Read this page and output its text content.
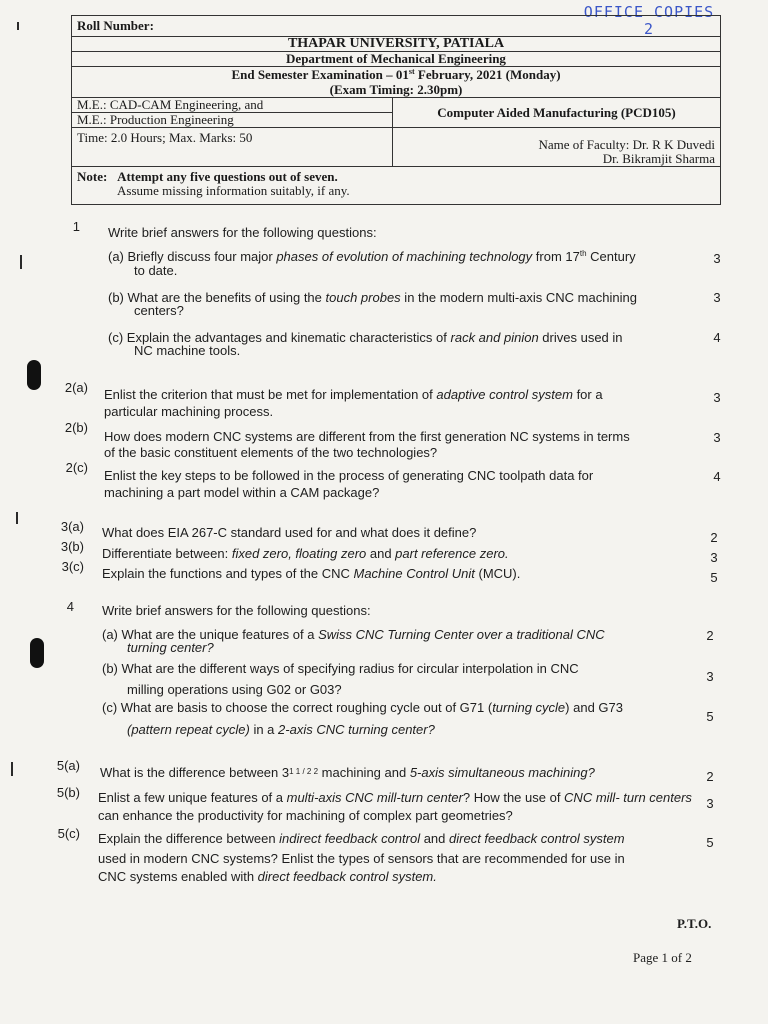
OFFICE COPIES
2
Roll Number:	
THAPAR UNIVERSITY, PATIALA	
Department of Mechanical Engineering	
End Semester Examination – 01st February, 2021 (Monday)
(Exam Timing: 2.30pm)	
M.E.: CAD-CAM Engineering, and	Computer Aided Manufacturing (PCD105)
M.E.: Production Engineering	
Time: 2.0 Hours; Max. Marks: 50	Name of Faculty: Dr. R K Duvedi
Dr. Bikramjit Sharma

Note: Attempt any five questions out of seven.
Assume missing information suitably, if any.	
1 Write brief answers for the following questions:
(a) Briefly discuss four major phases of evolution of machining technology from 17th Century
to date.
3
(b) What are the benefits of using the touch probes in the modern multi-axis CNC machining
centers?
3
(c) Explain the advantages and kinematic characteristics of rack and pinion drives used in
NC machine tools.
4
2(a) Enlist the criterion that must be met for implementation of adaptive control system for a
particular machining process.
3
2(b)
How does modern CNC systems are different from the first generation NC systems in terms
of the basic constituent elements of the two technologies?
3
2(c)
Enlist the key steps to be followed in the process of generating CNC toolpath data for
machining a part model within a CAM package?
4
3(a) What does EIA 267-C standard used for and what does it define?	2
3(b) Differentiate between: fixed zero, floating zero and part reference zero.	3
3(c) Explain the functions and types of the CNC Machine Control Unit (MCU).	5
4 Write brief answers for the following questions:
(a) What are the unique features of a Swiss CNC Turning Center over a traditional CNC
turning center?
2
(b) What are the different ways of specifying radius for circular interpolation in CNC
milling operations using G02 or G03?
3
(c) What are basis to choose the correct roughing cycle out of G71 (turning cycle) and G73
(pattern repeat cycle) in a 2-axis CNC turning center?
5
5(a) What is the difference between $3^{1 1 / 2 2}$ machining and 5-axis simultaneous machining?	2
5(b) Enlist a few unique features of a multi-axis CNC mill-turn center? How the use of CNC mill- turn centers can enhance the productivity for machining of complex part geometries?
3
5(c) Explain the difference between indirect feedback control and direct feedback control system
used in modern CNC systems? Enlist the types of sensors that are recommended for use in
CNC systems enabled with direct feedback control system.
5
P.T.O.
Page 1 of 2
